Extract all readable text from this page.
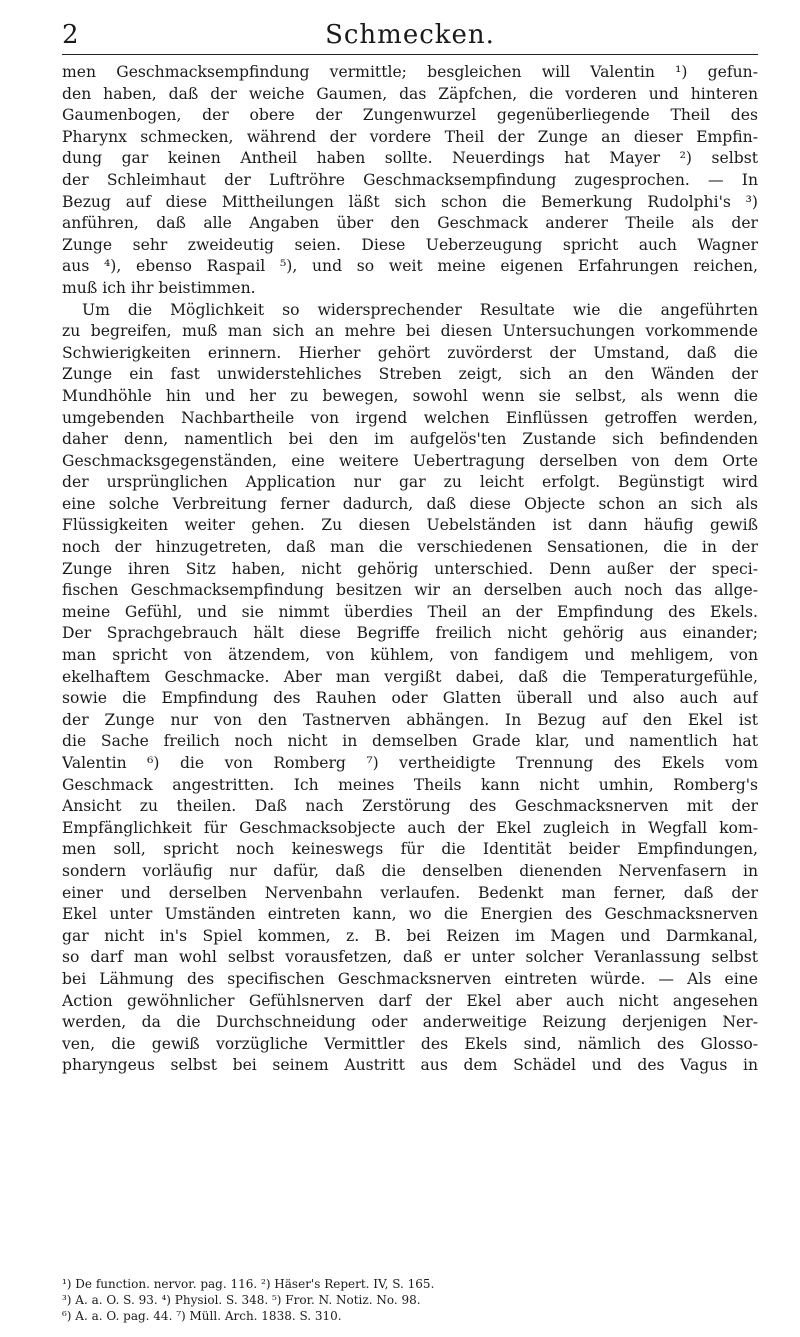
2	Schmecken.

men Geschmacksempfindung vermittle; besgleichen will Valentin ¹) gefun-

den haben, daß der weiche Gaumen, das Zäpfchen, die vorderen und hinteren

Gaumenbogen, der obere der Zungenwurzel gegenüberliegende Theil des

Pharynx schmecken, während der vordere Theil der Zunge an dieser Empfin-

dung gar keinen Antheil haben sollte. Neuerdings hat Mayer ²) selbst

der Schleimhaut der Luftröhre Geschmacksempfindung zugesprochen. — In

Bezug auf diese Mittheilungen läßt sich schon die Bemerkung Rudolphi's ³)

anführen, daß alle Angaben über den Geschmack anderer Theile als der

Zunge sehr zweideutig seien. Diese Ueberzeugung spricht auch Wagner

aus ⁴), ebenso Raspail ⁵), und so weit meine eigenen Erfahrungen reichen,

muß ich ihr beistimmen.

Um die Möglichkeit so widersprechender Resultate wie die angeführten

zu begreifen, muß man sich an mehre bei diesen Untersuchungen vorkommende

Schwierigkeiten erinnern. Hierher gehört zuvörderst der Umstand, daß die

Zunge ein fast unwiderstehliches Streben zeigt, sich an den Wänden der

Mundhöhle hin und her zu bewegen, sowohl wenn sie selbst, als wenn die

umgebenden Nachbartheile von irgend welchen Einflüssen getroffen werden,

daher denn, namentlich bei den im aufgelös'ten Zustande sich befindenden

Geschmacksgegenständen, eine weitere Uebertragung derselben von dem Orte

der ursprünglichen Application nur gar zu leicht erfolgt. Begünstigt wird

eine solche Verbreitung ferner dadurch, daß diese Objecte schon an sich als

Flüssigkeiten weiter gehen. Zu diesen Uebelständen ist dann häufig gewiß

noch der hinzugetreten, daß man die verschiedenen Sensationen, die in der

Zunge ihren Sitz haben, nicht gehörig unterschied. Denn außer der speci-

fischen Geschmacksempfindung besitzen wir an derselben auch noch das allge-

meine Gefühl, und sie nimmt überdies Theil an der Empfindung des Ekels.

Der Sprachgebrauch hält diese Begriffe freilich nicht gehörig aus einander;

man spricht von ätzendem, von kühlem, von fandigem und mehligem, von

ekelhaftem Geschmacke. Aber man vergißt dabei, daß die Temperaturgefühle,

sowie die Empfindung des Rauhen oder Glatten überall und also auch auf

der Zunge nur von den Tastnerven abhängen. In Bezug auf den Ekel ist

die Sache freilich noch nicht in demselben Grade klar, und namentlich hat

Valentin ⁶) die von Romberg ⁷) vertheidigte Trennung des Ekels vom

Geschmack angestritten. Ich meines Theils kann nicht umhin, Romberg's

Ansicht zu theilen. Daß nach Zerstörung des Geschmacksnerven mit der

Empfänglichkeit für Geschmacksobjecte auch der Ekel zugleich in Wegfall kom-

men soll, spricht noch keineswegs für die Identität beider Empfindungen,

sondern vorläufig nur dafür, daß die denselben dienenden Nervenfasern in

einer und derselben Nervenbahn verlaufen. Bedenkt man ferner, daß der

Ekel unter Umständen eintreten kann, wo die Energien des Geschmacksnerven

gar nicht in's Spiel kommen, z. B. bei Reizen im Magen und Darmkanal,

so darf man wohl selbst vorausfetzen, daß er unter solcher Veranlassung selbst

bei Lähmung des specifischen Geschmacksnerven eintreten würde. — Als eine

Action gewöhnlicher Gefühlsnerven darf der Ekel aber auch nicht angesehen

werden, da die Durchschneidung oder anderweitige Reizung derjenigen Ner-

ven, die gewiß vorzügliche Vermittler des Ekels sind, nämlich des Glosso-

pharyngeus selbst bei seinem Austritt aus dem Schädel und des Vagus in

¹) De function. nervor. pag. 116. ²) Häser's Repert. IV, S. 165.

³) A. a. O. S. 93. ⁴) Physiol. S. 348. ⁵) Fror. N. Notiz. No. 98.

⁶) A. a. O. pag. 44. ⁷) Müll. Arch. 1838. S. 310.
